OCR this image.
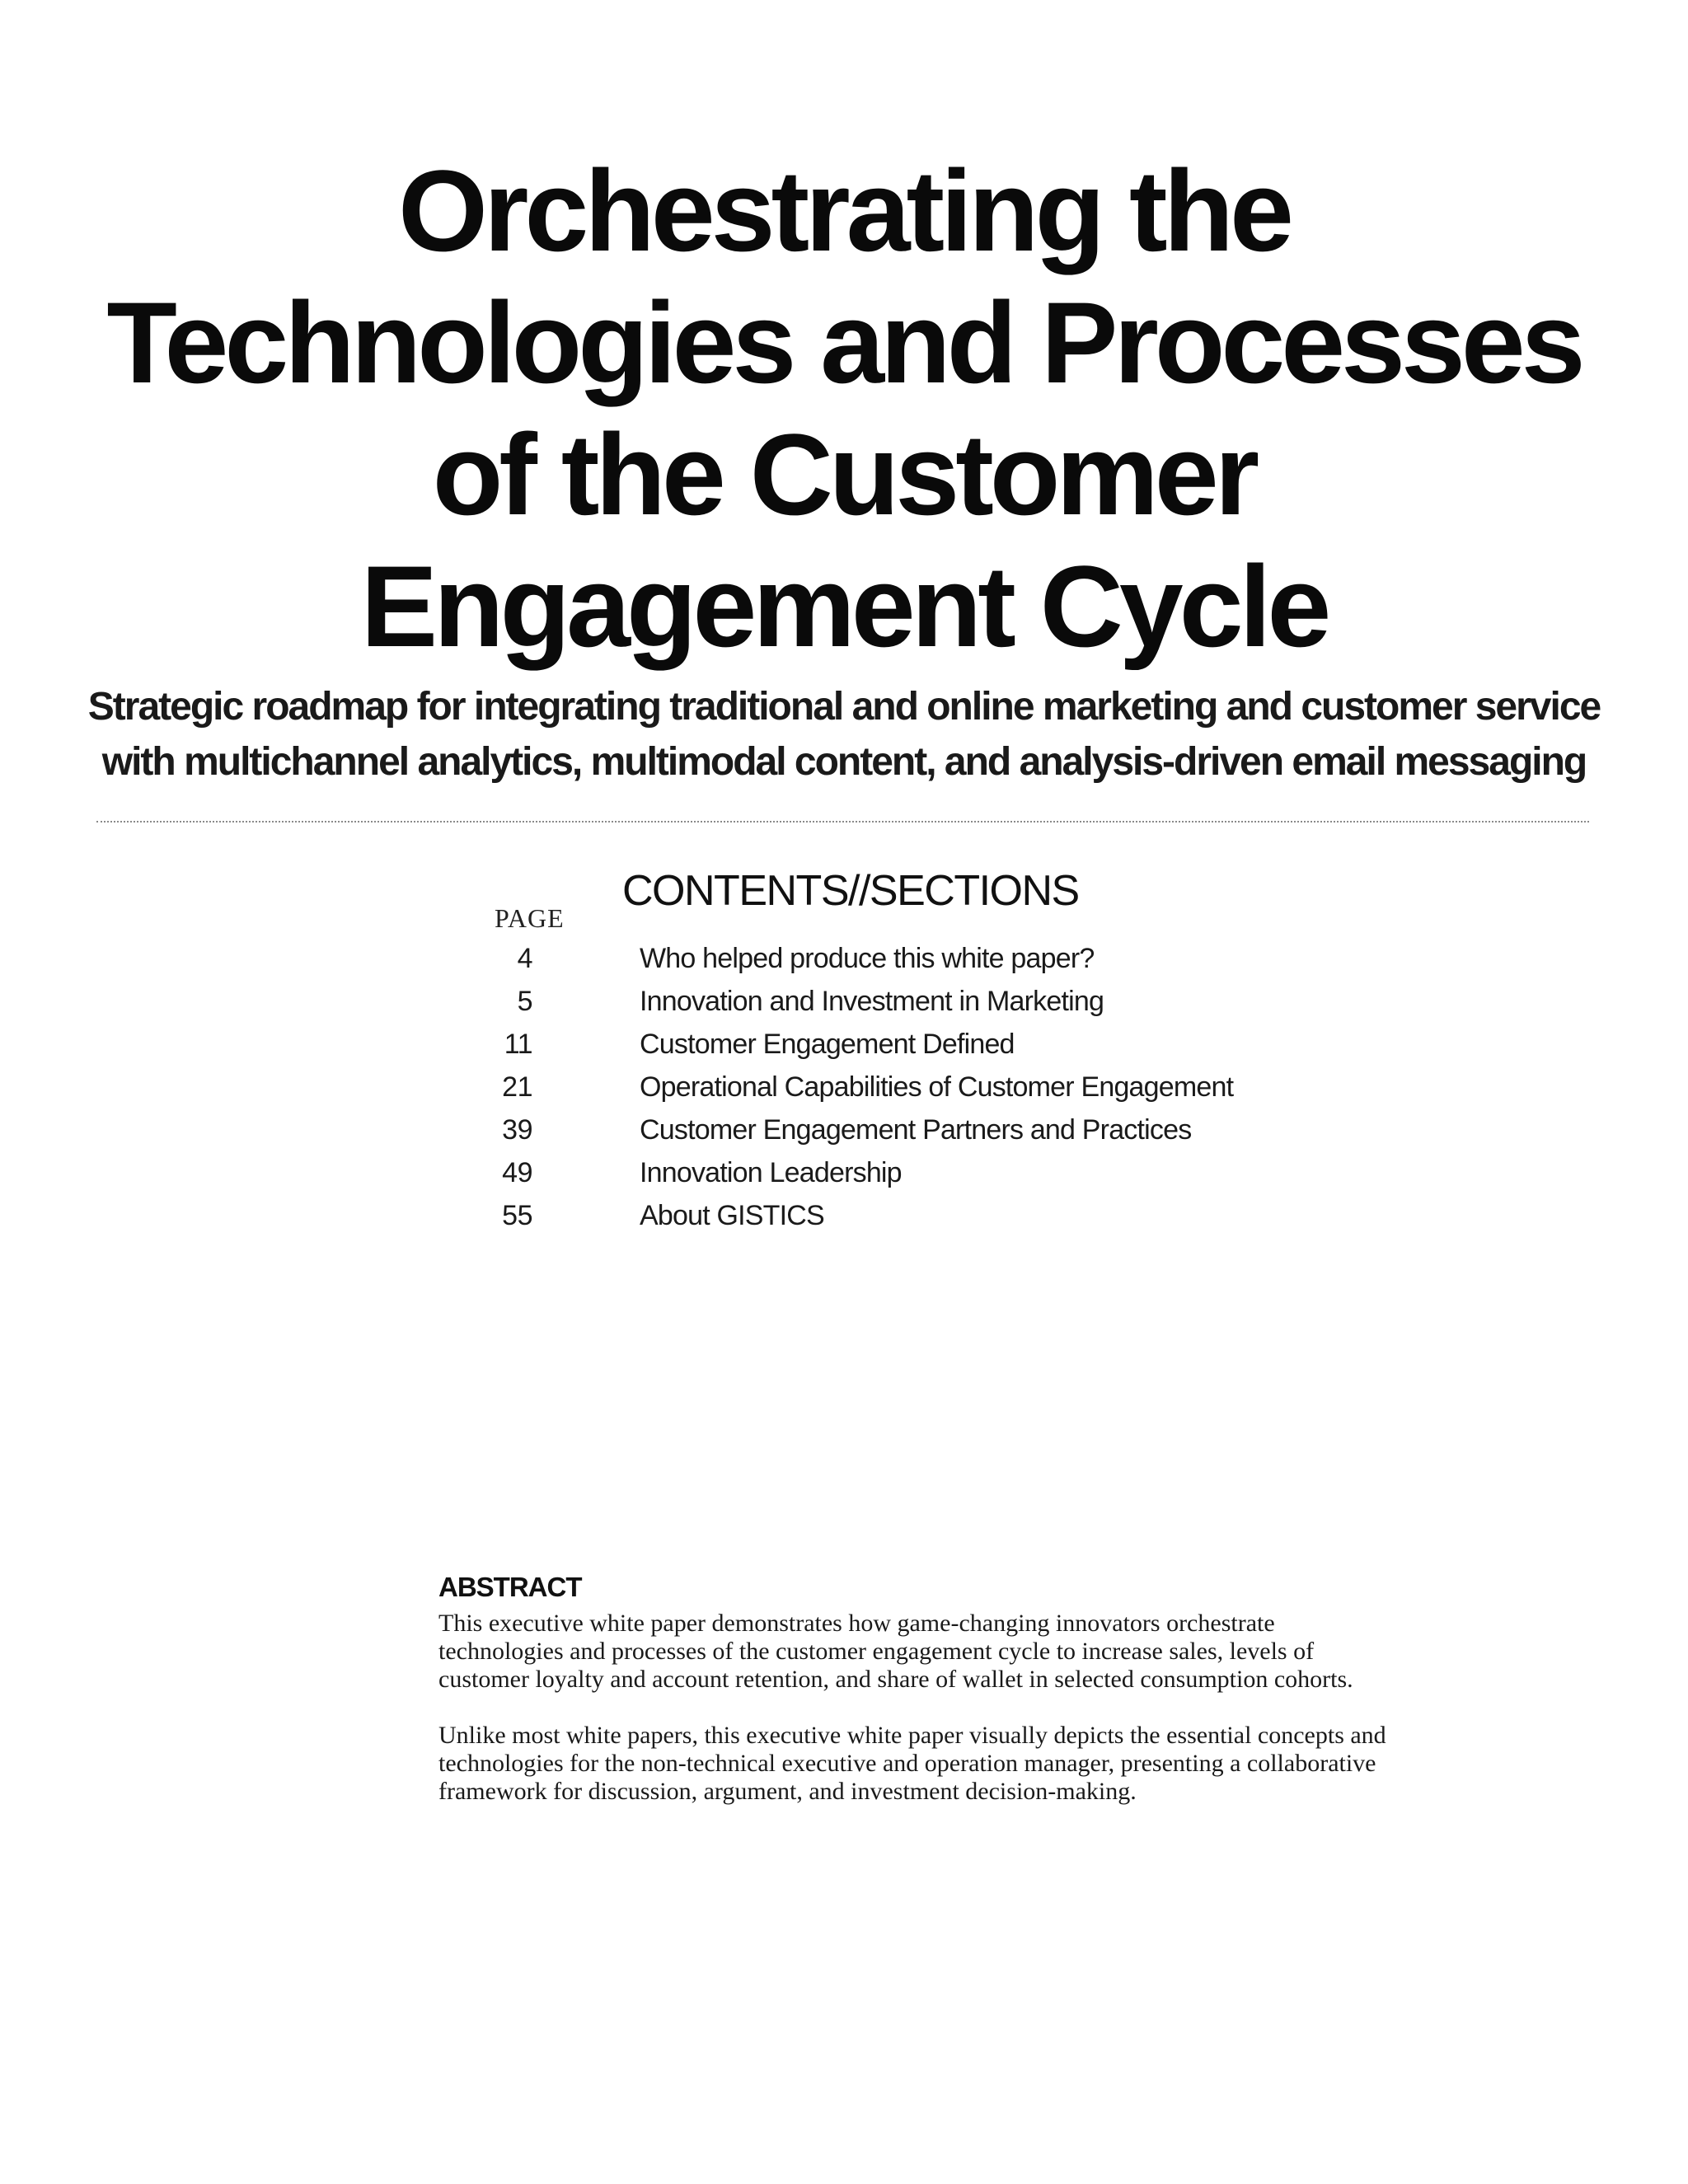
Orchestrating the
Technologies and Processes
of the Customer
Engagement Cycle
Strategic roadmap for integrating traditional and online marketing and customer service
with multichannel analytics, multimodal content, and analysis-driven email messaging
CONTENTS//SECTIONS
PAGE
4	Who helped produce this white paper?
5	Innovation and Investment in Marketing
11	Customer Engagement Defined
21	Operational Capabilities of Customer Engagement
39	Customer Engagement Partners and Practices
49	Innovation Leadership
55	About GISTICS
ABSTRACT

This executive white paper demonstrates how game-changing innovators orchestrate
technologies and processes of the customer engagement cycle to increase sales, levels of
customer loyalty and account retention, and share of wallet in selected consumption cohorts.

Unlike most white papers, this executive white paper visually depicts the essential concepts and
technologies for the non-technical executive and operation manager, presenting a collaborative
framework for discussion, argument, and investment decision-making.
